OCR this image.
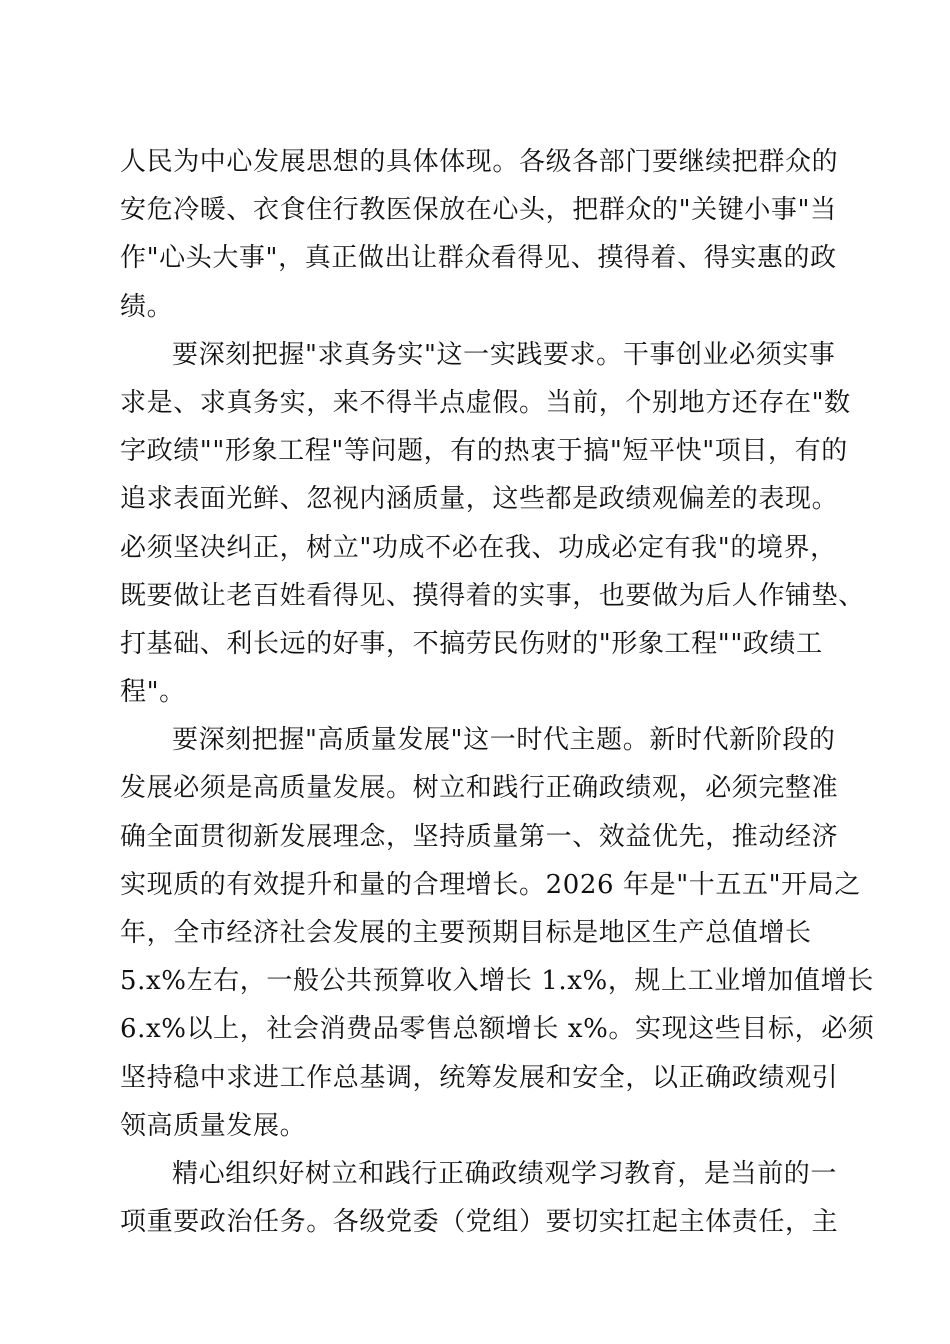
人民为中心发展思想的具体体现。各级各部门要继续把群众的
安危冷暖、衣食住行教医保放在心头，把群众的"关键小事"当
作"心头大事"，真正做出让群众看得见、摸得着、得实惠的政
绩。
要深刻把握"求真务实"这一实践要求。干事创业必须实事
求是、求真务实，来不得半点虚假。当前，个别地方还存在"数
字政绩""形象工程"等问题，有的热衷于搞"短平快"项目，有的
追求表面光鲜、忽视内涵质量，这些都是政绩观偏差的表现。
必须坚决纠正，树立"功成不必在我、功成必定有我"的境界，
既要做让老百姓看得见、摸得着的实事，也要做为后人作铺垫、
打基础、利长远的好事，不搞劳民伤财的"形象工程""政绩工
程"。
要深刻把握"高质量发展"这一时代主题。新时代新阶段的
发展必须是高质量发展。树立和践行正确政绩观，必须完整准
确全面贯彻新发展理念，坚持质量第一、效益优先，推动经济
实现质的有效提升和量的合理增长。2026 年是"十五五"开局之
年，全市经济社会发展的主要预期目标是地区生产总值增长
5.x%左右，一般公共预算收入增长 1.x%，规上工业增加值增长
6.x%以上，社会消费品零售总额增长 x%。实现这些目标，必须
坚持稳中求进工作总基调，统筹发展和安全，以正确政绩观引
领高质量发展。
精心组织好树立和践行正确政绩观学习教育，是当前的一
项重要政治任务。各级党委（党组）要切实扛起主体责任，主
